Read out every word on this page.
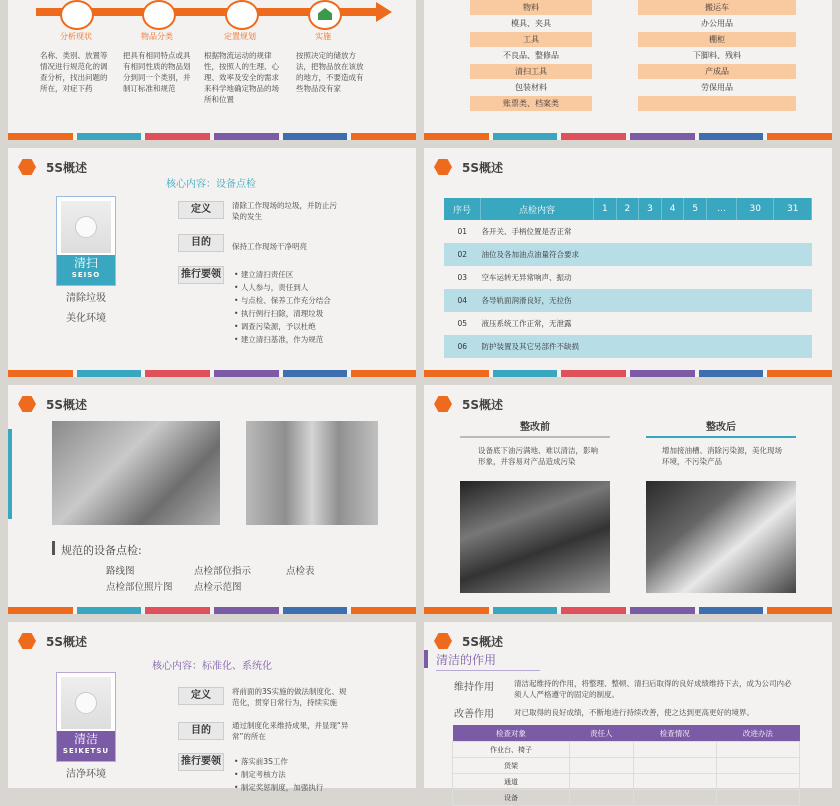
分析现状	物品分类	定置规划	实施
名称、类别、放置等情况进行规范化的调查分析，找出问题的所在，对症下药
把具有相同特点或具有相同性质的物品划分到同一个类别，并制订标准和规范
根据物流运动的规律性，按照人的生理、心理、效率及安全的需求来科学地确定物品的场所和位置
按照决定的储放方法，把物品放在该放的地方，不要造成有些物品没有家
物料	搬运车
模具、夹具	办公用品
工具	棚柜
不良品、整修品	下脚料、残料
清扫工具	产成品
包装材料	劳保用品
账票类、档案类
5S概述
核心内容：设备点检
清扫
SEISO
清除垃圾
美化环境
定义	清除工作现场的垃圾，并防止污染的发生
目的	保持工作现场干净明亮
推行要领	• 建立清扫责任区
• 人人参与，责任到人
• 与点检、保养工作充分结合
• 执行例行扫除，清理垃圾
• 调查污染源，予以杜绝
• 建立清扫基准，作为规范
5S概述
序号	点检内容	1	2	3	4	5	...	30	31
01	各开关、手柄位置是否正常								
02	油位及各加油点油量符合要求								
03	空车运转无异常响声、振动								
04	各导轨面润滑良好，无拉伤								
05	液压系统工作正常，无泄露								
06	防护装置及其它另部件不缺损								
5S概述
规范的设备点检:
路线图	点检部位指示	点检表
点检部位照片图 点检示范图
5S概述
整改前	整改后
设备底下油污满地、难以清洁，影响形象，并容易对产品造成污染
增加接油槽、消除污染源，美化现场环境，不污染产品
5S概述
核心内容：标准化、系统化
清洁
SEIKETSU
洁净环境
定义	将前面的3S实施的做法制度化、规范化，贯穿日常行为，持续实施
目的	通过制度化来维持成果，并显现“异常”的所在
推行要领	• 落实前3S工作
• 制定考核方法
• 制定奖惩制度，加强执行
5S概述
清洁的作用
维持作用	清洁起维持的作用，将整理、整顿、清扫后取得的良好成绩维持下去，成为公司内必须人人严格遵守的固定的制度。
改善作用	对已取得的良好成绩，不断地进行持续改善，使之达到更高更好的境界。
检查对象	责任人	检查情况	改进办法
作业台、椅子			
货架			
通道			
设备			
